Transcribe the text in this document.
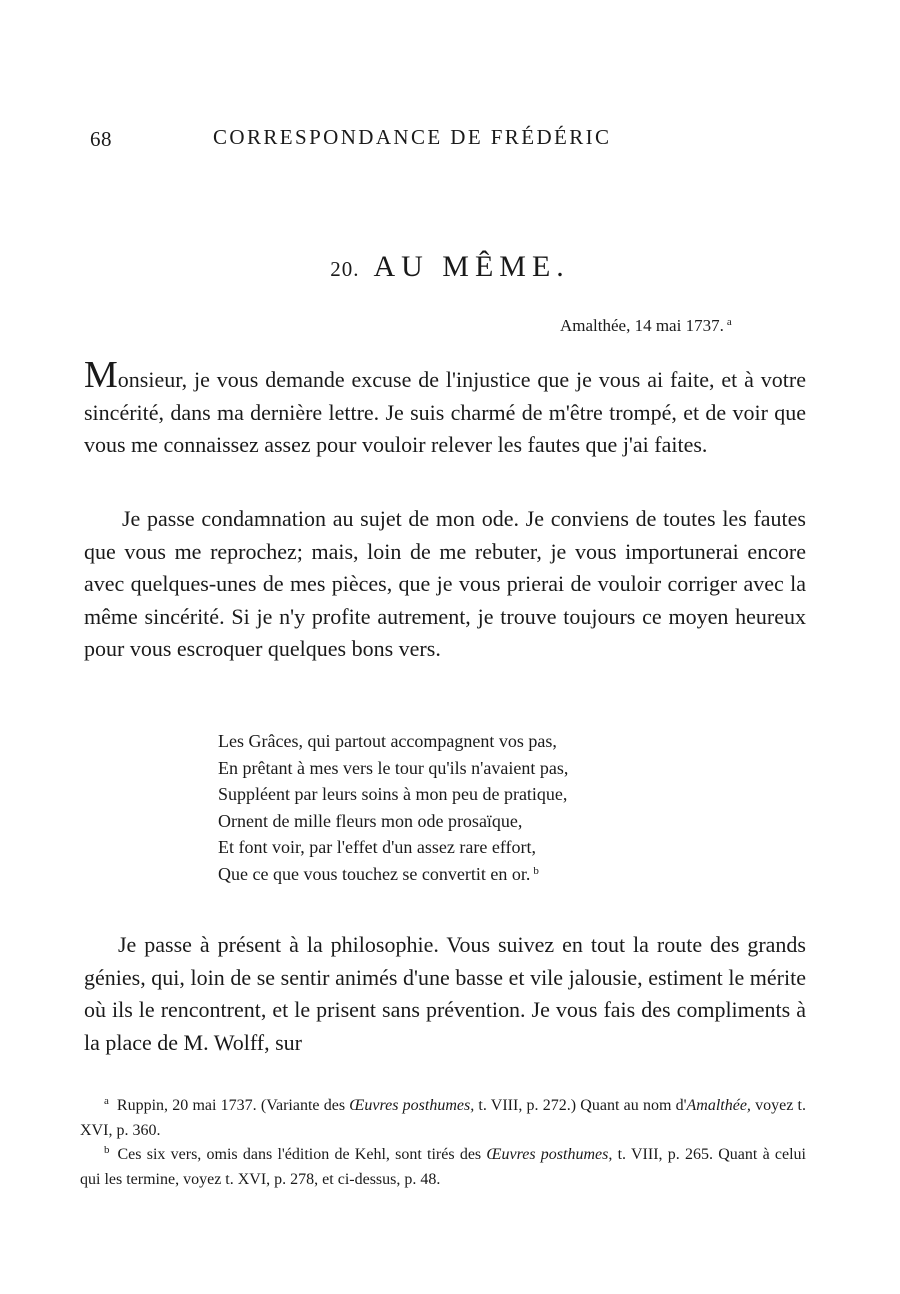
68	CORRESPONDANCE DE FRÉDÉRIC
20. AU MÊME.
Amalthée, 14 mai 1737. $^a$

Monsieur, je vous demande excuse de l'injustice que je vous ai faite, et à votre sincérité, dans ma dernière lettre. Je suis charmé de m'être trompé, et de voir que vous me connaissez assez pour vouloir relever les fautes que j'ai faites.

Je passe condamnation au sujet de mon ode. Je conviens de toutes les fautes que vous me reprochez; mais, loin de me rebuter, je vous importunerai encore avec quelques-unes de mes pièces, que je vous prierai de vouloir corriger avec la même sincérité. Si je n'y profite autrement, je trouve toujours ce moyen heureux pour vous escroquer quelques bons vers.

Les Grâces, qui partout accompagnent vos pas,
En prêtant à mes vers le tour qu'ils n'avaient pas,
Suppléent par leurs soins à mon peu de pratique,
Ornent de mille fleurs mon ode prosaïque,
Et font voir, par l'effet d'un assez rare effort,
Que ce que vous touchez se convertit en or. $^b$

Je passe à présent à la philosophie. Vous suivez en tout la route des grands génies, qui, loin de se sentir animés d'une basse et vile jalousie, estiment le mérite où ils le rencontrent, et le prisent sans prévention. Je vous fais des compliments à la place de M. Wolff, sur

$^a$ Ruppin, 20 mai 1737. (Variante des Œuvres posthumes, t. VIII, p. 272.) Quant au nom d'Amalthée, voyez t. XVI, p. 360.

$^b$ Ces six vers, omis dans l'édition de Kehl, sont tirés des Œuvres posthumes, t. VIII, p. 265. Quant à celui qui les termine, voyez t. XVI, p. 278, et ci-dessus, p. 48.
